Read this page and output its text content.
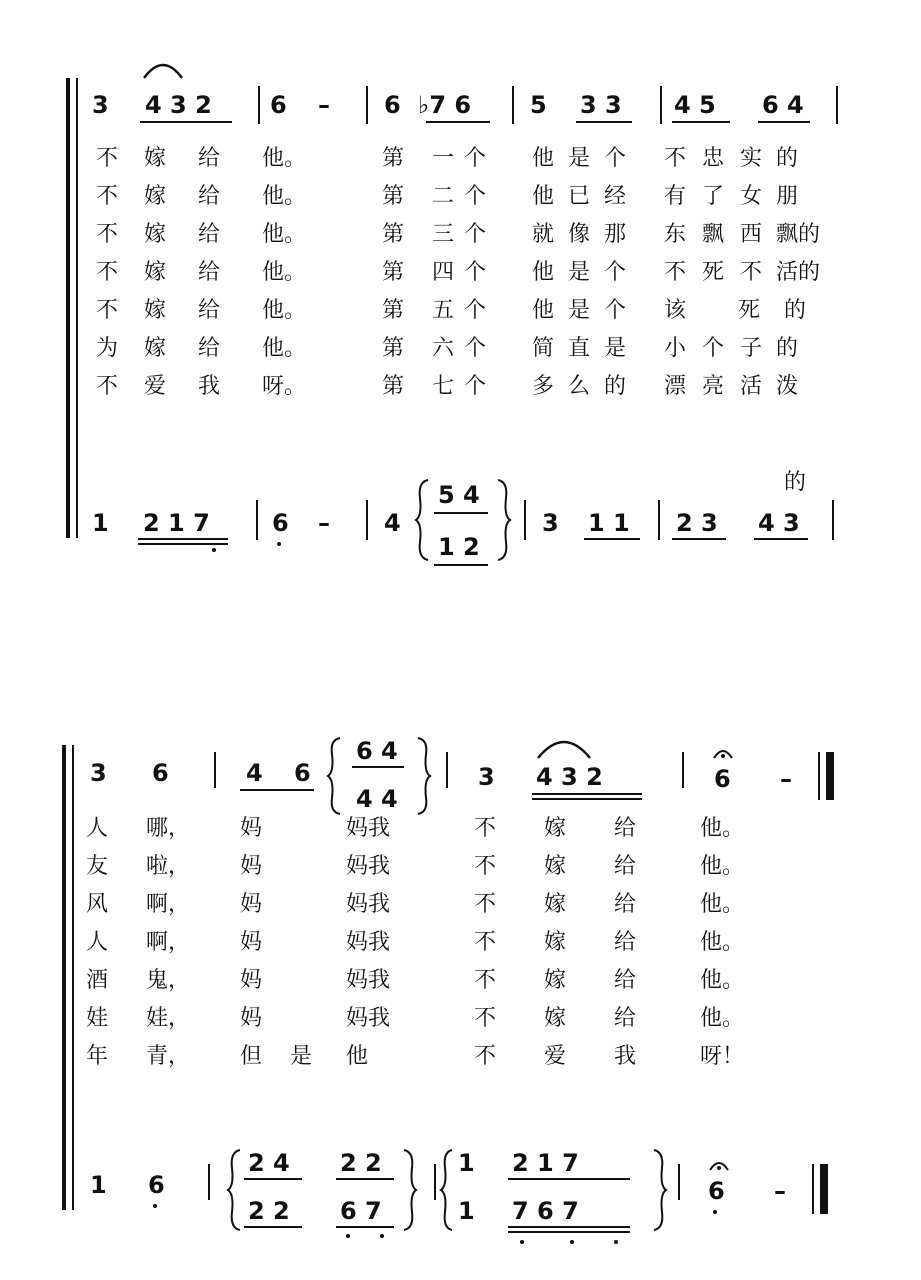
3 4 3 2 6 – 6 ♭7 6 5 3 3 4 5 6 4
不 嫁 给 他。	第 一 个 他 是 个 不 忠 实 的
不 嫁 给 他。	第 二 个 他 已 经 有 了 女 朋
不 嫁 给 他。	第 三 个 就 像 那 东 飘 西 飘的
不 嫁 给 他。	第 四 个 他 是 个 不 死 不 活的
不 嫁 给 他。	第 五 个 他 是 个 该 死 的
为 嫁 给 他。	第 六 个 简 直 是 小 个 子 的
不 爱 我 呀。	第 七 个 多 么 的 漂 亮 活 泼
的
1 2 1 7	6 – 4
5 4
1 2
3 1 1 2 3 4 3
3 6	4 6
6 4
4 4
3 4 3 2	6 –
人 哪， 妈	妈我	不 嫁 给	他。
友 啦， 妈	妈我	不 嫁 给	他。
风 啊， 妈	妈我	不 嫁 给	他。
人 啊， 妈	妈我	不 嫁 给	他。
酒 鬼， 妈	妈我	不 嫁 给	他。
娃 娃， 妈	妈我	不 嫁 给	他。
年 青， 但 是 他	不 爱 我	呀！
1 6
2 4 2 2
2 2 6 7
1 2 1 7
1 7 6 7
6 –
